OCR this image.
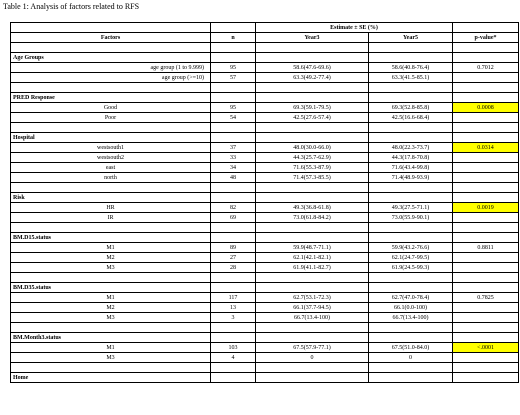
Table 1: Analysis of factors related to RFS
		Estimate ± SE (%)		
Factors	n	Year3	Year5	p-value*

Age Groups				
age group (1 to 9.999)	95	58.6(47.6-69.6)	58.6(40.8-76.4)	0.7012
age group (>=10)	57	63.3(49.2-77.4)	63.3(41.5-85.1)	

PRED Response				
Good	95	69.3(59.1-79.5)	69.3(52.8-85.8)	0.0008
Poor	54	42.5(27.6-57.4)	42.5(16.6-68.4)	

Hospital				
westsouth1	37	48.0(30.0-66.0)	48.0(22.3-73.7)	0.0314
westsouth2	33	44.3(25.7-62.9)	44.3(17.8-70.8)	
east	34	71.6(55.3-87.9)	71.6(43.4-99.8)	
north	48	71.4(57.3-85.5)	71.4(48.9-93.9)	

Risk				
HR	82	49.3(36.8-61.8)	49.3(27.5-71.1)	0.0019
IR	69	73.0(61.8-84.2)	73.0(55.9-90.1)	

BM.D15.status				
M1	89	59.9(48.7-71.1)	59.9(43.2-76.6)	0.8811
M2	27	62.1(42.1-82.1)	62.1(24.7-99.5)	
M3	28	61.9(41.1-82.7)	61.9(24.5-99.3)	

BM.D35.status				
M1	117	62.7(53.1-72.3)	62.7(47.0-78.4)	0.7825
M2	13	66.1(37.7-94.5)	66.1(0.0-100)	
M3	3	66.7(13.4-100)	66.7(13.4-100)	

BM.Month3.status				
M1	103	67.5(57.9-77.1)	67.5(51.0-84.0)	<.0001
M3	4	0	0	

Home				
